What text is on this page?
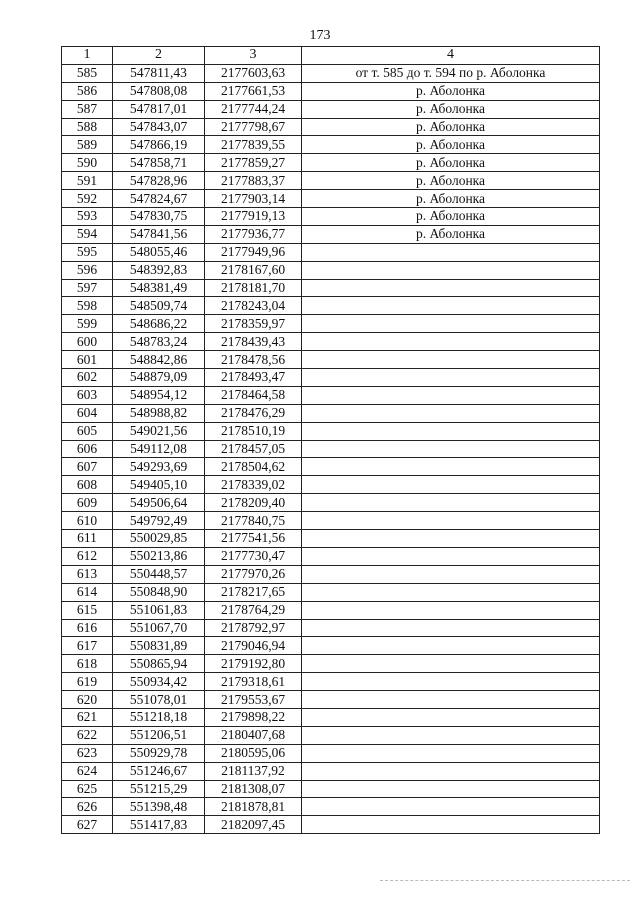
173
1	2	3	4
585	547811,43	2177603,63	от т. 585 до т. 594 по р. Аболонка
586	547808,08	2177661,53	р. Аболонка
587	547817,01	2177744,24	р. Аболонка
588	547843,07	2177798,67	р. Аболонка
589	547866,19	2177839,55	р. Аболонка
590	547858,71	2177859,27	р. Аболонка
591	547828,96	2177883,37	р. Аболонка
592	547824,67	2177903,14	р. Аболонка
593	547830,75	2177919,13	р. Аболонка
594	547841,56	2177936,77	р. Аболонка
595	548055,46	2177949,96	
596	548392,83	2178167,60	
597	548381,49	2178181,70	
598	548509,74	2178243,04	
599	548686,22	2178359,97	
600	548783,24	2178439,43	
601	548842,86	2178478,56	
602	548879,09	2178493,47	
603	548954,12	2178464,58	
604	548988,82	2178476,29	
605	549021,56	2178510,19	
606	549112,08	2178457,05	
607	549293,69	2178504,62	
608	549405,10	2178339,02	
609	549506,64	2178209,40	
610	549792,49	2177840,75	
611	550029,85	2177541,56	
612	550213,86	2177730,47	
613	550448,57	2177970,26	
614	550848,90	2178217,65	
615	551061,83	2178764,29	
616	551067,70	2178792,97	
617	550831,89	2179046,94	
618	550865,94	2179192,80	
619	550934,42	2179318,61	
620	551078,01	2179553,67	
621	551218,18	2179898,22	
622	551206,51	2180407,68	
623	550929,78	2180595,06	
624	551246,67	2181137,92	
625	551215,29	2181308,07	
626	551398,48	2181878,81	
627	551417,83	2182097,45	
